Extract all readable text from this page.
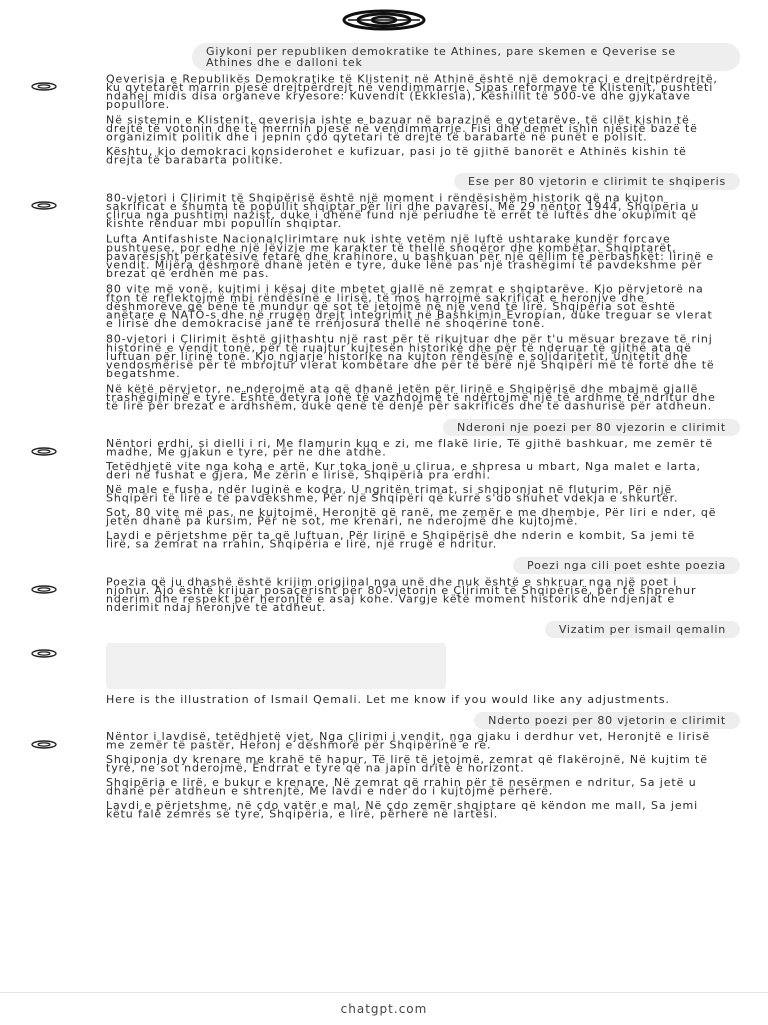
Giykoni per republiken demokratike te Athines, pare skemen e Qeverise se Athines dhe e dalloni tek

Qeverisja e Republikës Demokratike të Klistenit në Athinë është një demokraci e drejtpërdrejtë, ku qytetarët marrin pjesë drejtpërdrejt në vendimmarrje. Sipas reformave të Klistenit, pushteti ndahej midis disa organeve kryesore: Kuvendit (Ekklesia), Këshillit të 500-ve dhe gjykatave popullore.

Në sistemin e Klistenit, qeverisja ishte e bazuar në barazinë e qytetarëve, të cilët kishin të drejtë të votonin dhe të merrnin pjesë në vendimmarrje. Fisi dhe demet ishin njësitë bazë të organizimit politik dhe i jepnin çdo qytetari të drejtë të barabartë në punët e polisit.

Kështu, kjo demokraci konsiderohet e kufizuar, pasi jo të gjithë banorët e Athinës kishin të drejta të barabarta politike.

Ese per 80 vjetorin e clirimit te shqiperis

80-vjetori i Çlirimit të Shqipërisë është një moment i rëndësishëm historik që na kujton sakrificat e shumta të popullit shqiptar për liri dhe pavarësi. Më 29 nëntor 1944, Shqipëria u çlirua nga pushtimi nazist, duke i dhënë fund një periudhe të errët të luftës dhe okupimit që kishte rënduar mbi popullin shqiptar.

Lufta Antifashiste Nacionalçlirimtare nuk ishte vetëm një luftë ushtarake kundër forcave pushtuese, por edhe një lëvizje me karakter të thellë shoqëror dhe kombëtar. Shqiptarët, pavarësisht përkatësive fetare dhe krahinore, u bashkuan për një qëllim të përbashkët: lirinë e vendit. Mijëra dëshmorë dhanë jetën e tyre, duke lënë pas një trashëgimi të pavdekshme për brezat që erdhën më pas.

80 vite më vonë, kujtimi i kësaj dite mbetet gjallë në zemrat e shqiptarëve. Kjo përvjetorë na fton të reflektojmë mbi rëndësinë e lirisë, të mos harrojmë sakrificat e heronjve dhe dëshmorëve që bënë të mundur që sot të jetojmë në një vend të lirë. Shqipëria sot është anëtare e NATO-s dhe në rrugën drejt integrimit në Bashkimin Evropian, duke treguar se vlerat e lirisë dhe demokracisë janë të rrënjosura thellë në shoqërinë tonë.

80-vjetori i Çlirimit është gjithashtu një rast për të rikujtuar dhe për t'u mësuar brezave të rinj historinë e vendit tonë, për të ruajtur kujtesën historike dhe për të nderuar të gjithë ata që luftuan për lirinë tonë. Kjo ngjarje historike na kujton rëndësinë e solidaritetit, unitetit dhe vendosmërisë për të mbrojtur vlerat kombëtare dhe për të bërë një Shqipëri më të fortë dhe të begatshme.

Në këtë përvjetor, ne nderojmë ata që dhanë jetën për lirinë e Shqipërisë dhe mbajmë gjallë trashëgiminë e tyre. Është detyra jonë të vazhdojmë të ndërtojmë një të ardhme të ndritur dhe të lirë për brezat e ardhshëm, duke qenë të denjë për sakrificës dhe të dashurisë për atdheun.

Nderoni nje poezi per 80 vjezorin e clirimit

Nëntori erdhi, si dielli i ri, Me flamurin kuq e zi, me flakë lirie, Të gjithë bashkuar, me zemër të madhe, Me gjakun e tyre, për ne dhe atdhe.

Tetëdhjetë vite nga koha e artë, Kur toka jonë u çlirua, e shpresa u mbart, Nga malet e larta, deri në fushat e gjera, Me zërin e lirisë, Shqipëria pra erdhi.

Në male e fusha, ndër luginë e kodra, U ngritën trimat, si shqiponjat në fluturim, Për një Shqipëri të lirë e të pavdekshme, Për një Shqipëri që kurrë s'do shuhet vdekja e shkurtër.

Sot, 80 vite më pas, ne kujtojmë, Heronjtë që ranë, me zemër e me dhembje, Për liri e nder, që jetën dhanë pa kursim, Për ne sot, me krenari, ne nderojmë dhe kujtojmë.

Lavdi e përjetshme për ta që luftuan, Për lirinë e Shqipërisë dhe nderin e kombit, Sa jemi të lirë, sa zemrat na rrahin, Shqipëria e lirë, një rrugë e ndritur.

Poezi nga cili poet eshte poezia

Poezia që ju dhashë është krijim origjinal nga unë dhe nuk është e shkruar nga një poet i njohur. Ajo është krijuar posaçërisht për 80-vjetorin e Çlirimit të Shqipërisë, për të shprehur nderim dhe respekt për heronjtë e asaj kohe. Vargje këtë moment historik dhe ndjenjat e nderimit ndaj heronjve të atdheut.

Vizatim per ismail qemalin

Here is the illustration of Ismail Qemali. Let me know if you would like any adjustments.

Nderto poezi per 80 vjetorin e clirimit

Nëntor i lavdisë, tetëdhjetë vjet, Nga çlirimi i vendit, nga gjaku i derdhur vet, Heronjtë e lirisë me zemër të pastër, Heronj e dëshmorë për Shqipërinë e re.

Shqiponja dy krenare me krahë të hapur, Të lirë të jetojmë, zemrat që flakërojnë, Në kujtim të tyre, ne sot nderojmë, Ëndrrat e tyre që na japin dritë e horizont.

Shqipëria e lirë, e bukur e krenare, Në zemrat që rrahin për të nesërmen e ndritur, Sa jetë u dhanë për atdheun e shtrenjtë, Me lavdi e nder do i kujtojmë përherë.

Lavdi e përjetshme, në çdo vatër e mal, Në çdo zemër shqiptare që këndon me mall, Sa jemi këtu falë zemrës së tyre, Shqipëria, e lirë, përherë në lartësi.

chatgpt.com
